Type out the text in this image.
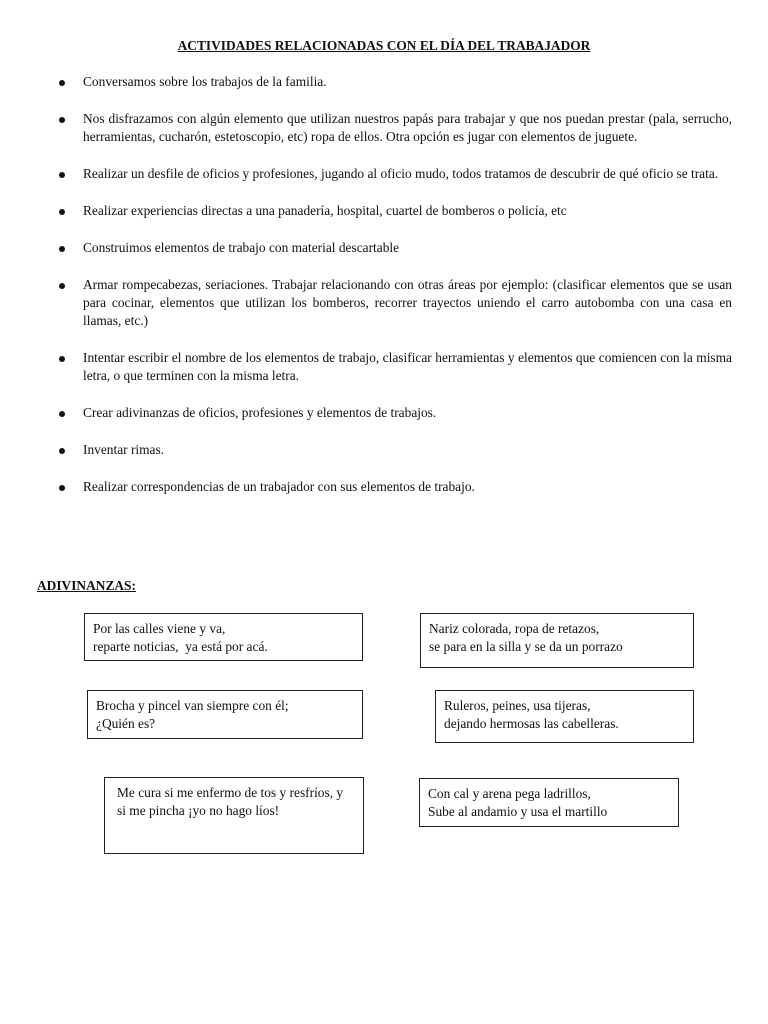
ACTIVIDADES RELACIONADAS CON EL DÍA DEL TRABAJADOR
Conversamos sobre los trabajos de la familia.
Nos disfrazamos con algún elemento que utilizan nuestros papás para trabajar y que nos puedan prestar (pala, serrucho, herramientas, cucharón, estetoscopio, etc) ropa de ellos. Otra opción es jugar con elementos de juguete.
Realizar un desfile de oficios y profesiones, jugando al oficio mudo, todos tratamos de descubrir de qué oficio se trata.
Realizar experiencias directas a una panadería, hospital, cuartel de bomberos o policía, etc
Construimos elementos de trabajo con material descartable
Armar rompecabezas, seriaciones. Trabajar relacionando con otras áreas por ejemplo: (clasificar elementos que se usan para cocinar, elementos que utilizan los bomberos, recorrer trayectos uniendo el carro autobomba con una casa en llamas, etc.)
Intentar escribir el nombre de los elementos de trabajo, clasificar herramientas y elementos que comiencen con la misma letra, o que terminen con la misma letra.
Crear adivinanzas de oficios, profesiones y elementos de trabajos.
Inventar rimas.
Realizar correspondencias de un trabajador con sus elementos de trabajo.
ADIVINANZAS:
Por las calles viene y va,
reparte noticias,  ya está por acá.
Nariz colorada, ropa de retazos,
se para en la silla y se da un porrazo
Brocha y pincel van siempre con él;
¿Quién es?
Ruleros, peines, usa tijeras,
dejando hermosas las cabelleras.
Me cura si me enfermo de tos y resfríos, y si me pincha ¡yo no hago líos!
Con cal y arena pega ladrillos,
Sube al andamio y usa el martillo
